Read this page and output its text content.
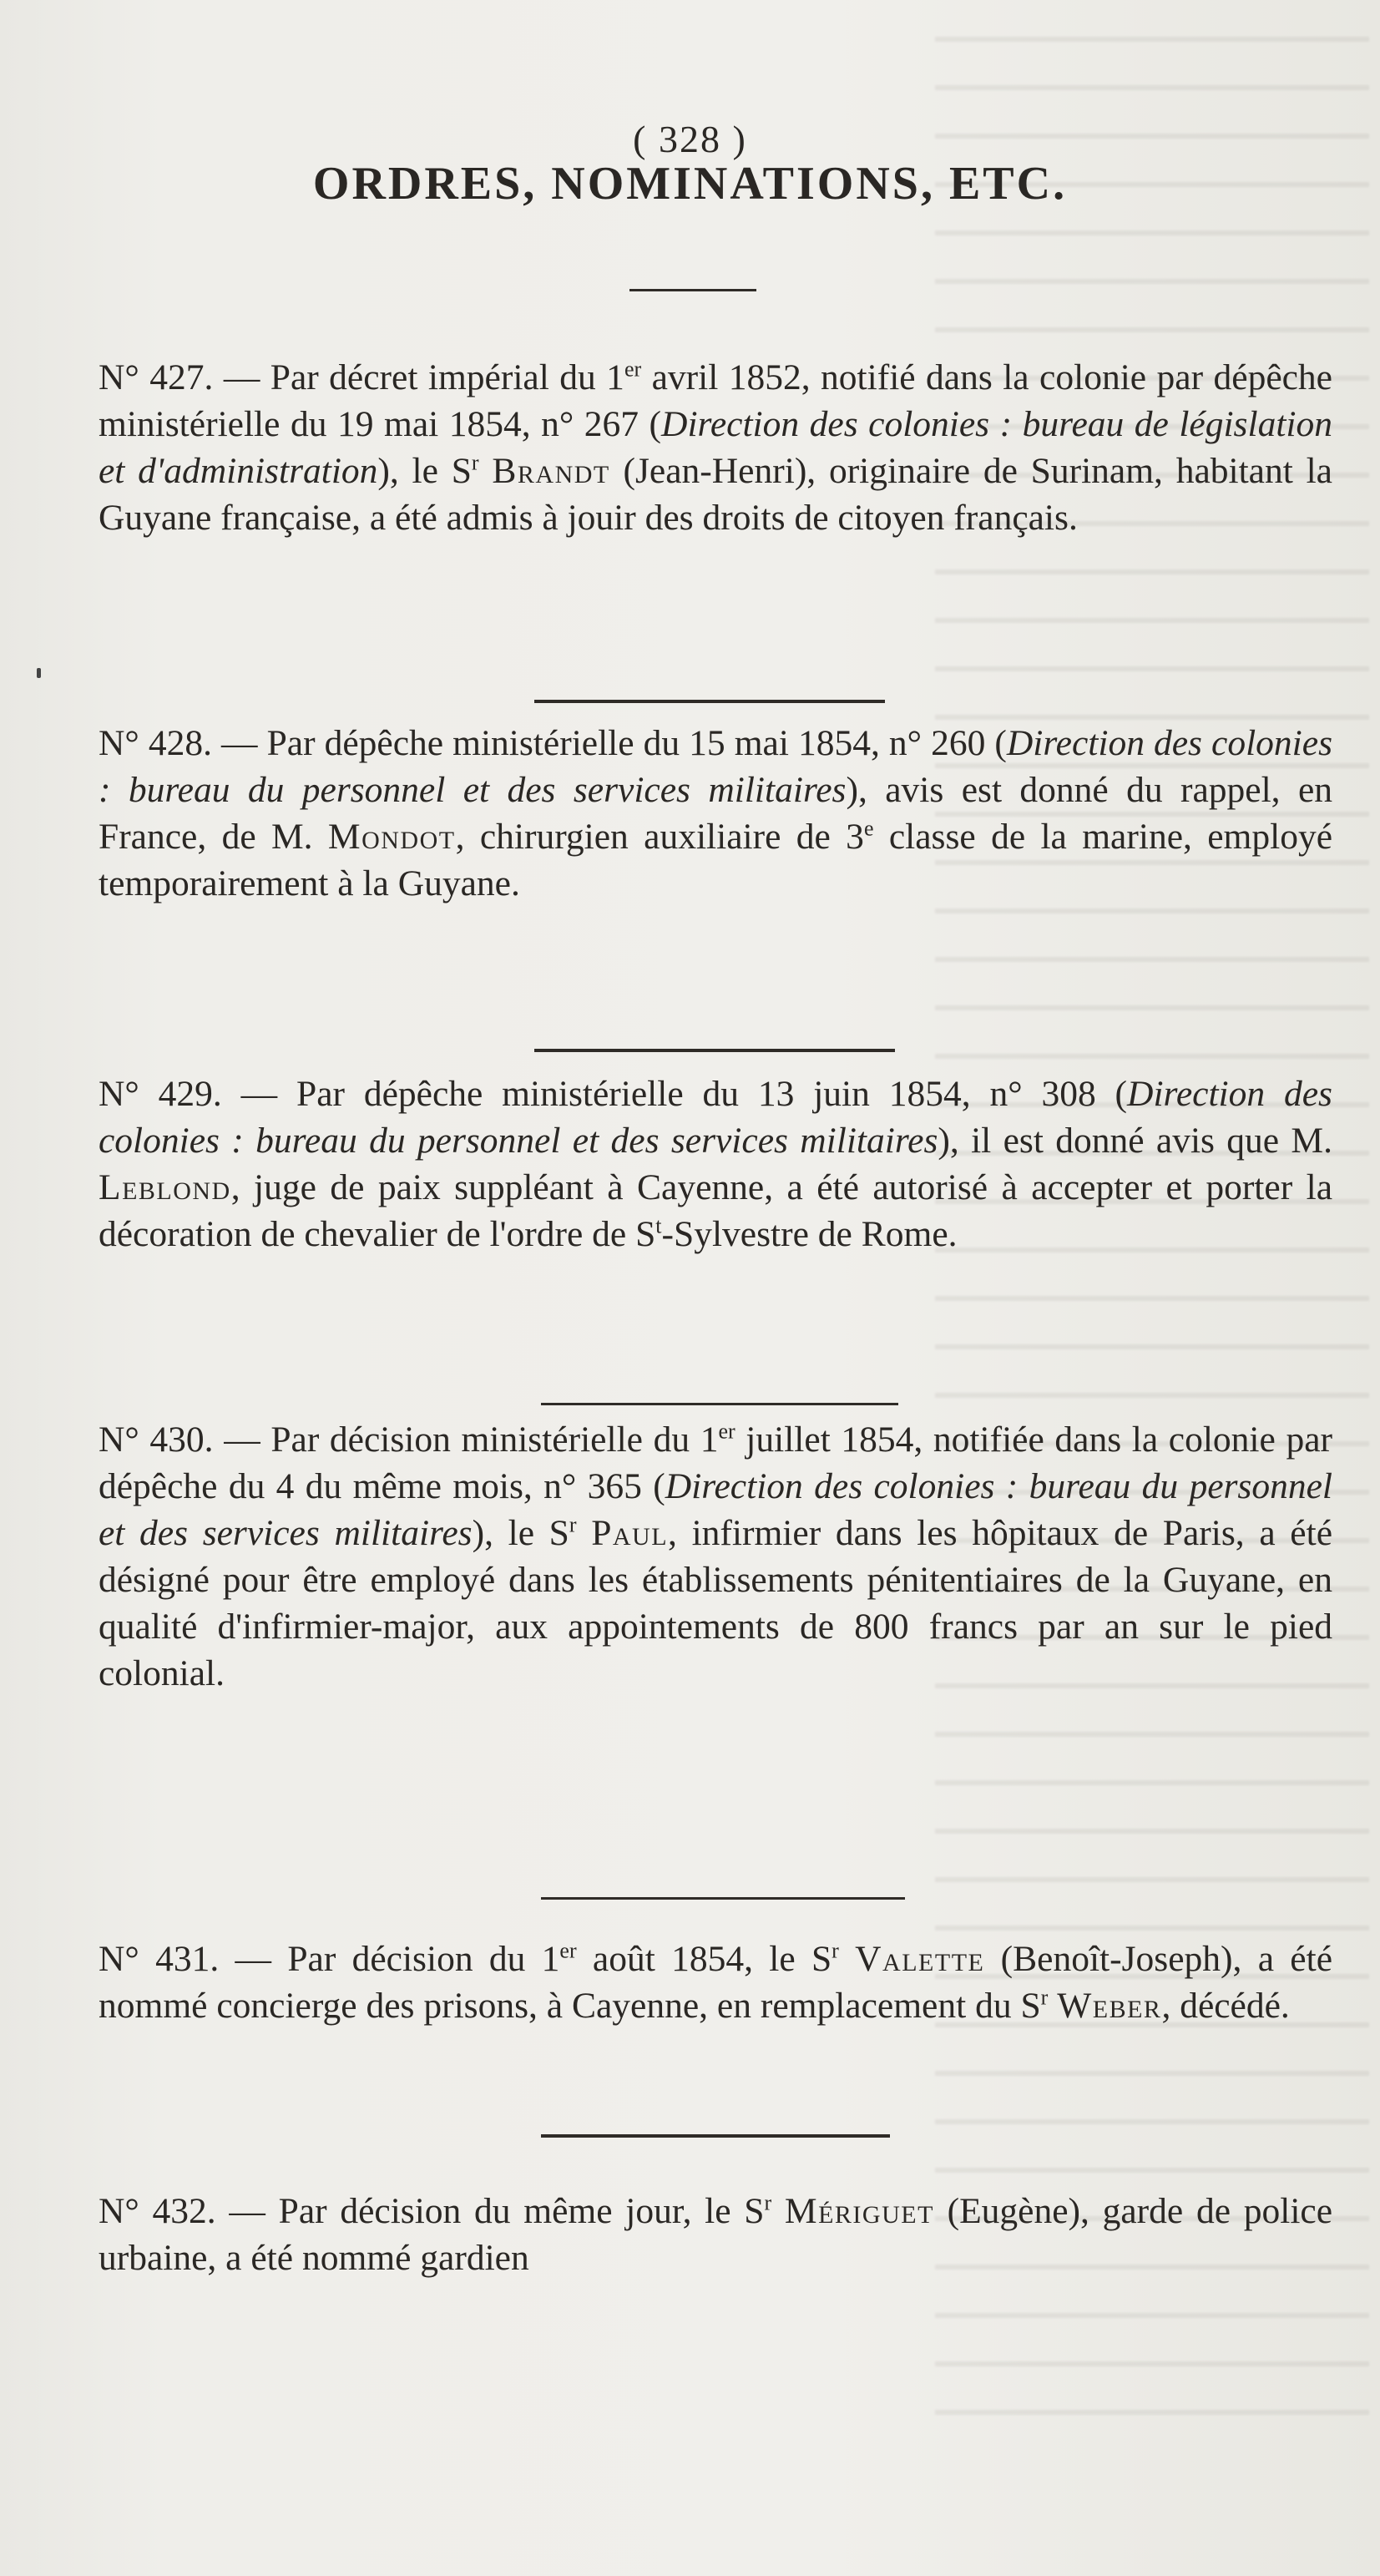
( 328 )
ORDRES, NOMINATIONS, ETC.
N° 427. — Par décret impérial du 1er avril 1852, notifié dans la colonie par dépêche ministérielle du 19 mai 1854, n° 267 (Direction des colonies : bureau de législation et d'administration), le $S^r$ Brandt (Jean-Henri), originaire de Surinam, habitant la Guyane française, a été admis à jouir des droits de citoyen français.
N° 428. — Par dépêche ministérielle du 15 mai 1854, n° 260 (Direction des colonies : bureau du personnel et des services militaires), avis est donné du rappel, en France, de M. Mondot, chirurgien auxiliaire de 3e classe de la marine, employé temporairement à la Guyane.
N° 429. — Par dépêche ministérielle du 13 juin 1854, n° 308 (Direction des colonies : bureau du personnel et des services militaires), il est donné avis que M. Leblond, juge de paix suppléant à Cayenne, a été autorisé à accepter et porter la décoration de chevalier de l'ordre de $S^t$-Sylvestre de Rome.
N° 430. — Par décision ministérielle du 1er juillet 1854, notifiée dans la colonie par dépêche du 4 du même mois, n° 365 (Direction des colonies : bureau du personnel et des services militaires), le $S^r$ Paul, infirmier dans les hôpitaux de Paris, a été désigné pour être employé dans les établissements pénitentiaires de la Guyane, en qualité d'infirmier-major, aux appointements de 800 francs par an sur le pied colonial.
N° 431. — Par décision du 1er août 1854, le $S^r$ Valette (Benoît-Joseph), a été nommé concierge des prisons, à Cayenne, en remplacement du $S^r$ Weber, décédé.
N° 432. — Par décision du même jour, le $S^r$ Mériguet (Eugène), garde de police urbaine, a été nommé gardien
